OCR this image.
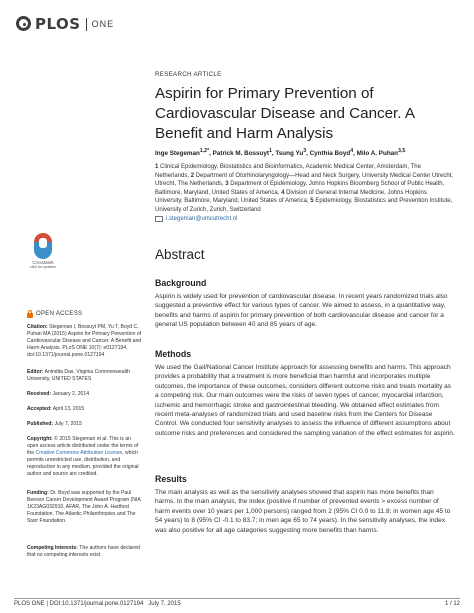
PLOS ONE
RESEARCH ARTICLE
Aspirin for Primary Prevention of Cardiovascular Disease and Cancer. A Benefit and Harm Analysis
Inge Stegeman$^{1,2*}$, Patrick M. Bossuyt$^1$, Tsung Yu$^3$, Cynthia Boyd$^4$, Milo A. Puhan$^{3,5}$
1 Clinical Epidemiology, Biostatistics and Bioinformatics, Academic Medical Center, Amsterdam, The Netherlands, 2 Department of Otorhinolaryngology—Head and Neck Surgery, University Medical Center Utrecht, Utrecht, The Netherlands, 3 Department of Epidemiology, Johns Hopkins Bloomberg School of Public Health, Baltimore, Maryland, United States of America, 4 Division of General Internal Medicine, Johns Hopkins University, Baltimore, Maryland, United States of America, 5 Epidemiology, Biostatistics and Prevention Institute, University of Zurich, Zurich, Switzerland
i.stegeman@umcutrecht.nl
Abstract
Background
Aspirin is widely used for prevention of cardiovascular disease. In recent years randomized trials also suggested a preventive effect for various types of cancer. We aimed to assess, in a quantitative way, benefits and harms of aspirin for primary prevention of both cardiovascular disease and cancer for a general US population between 40 and 85 years of age.
Methods
We used the Gail/National Cancer Institute approach for assessing benefits and harms. This approach provides a probability that a treatment is more beneficial than harmful and incorporates multiple outcomes, the importance of these outcomes, considers different outcome risks and treats mortality as a competing risk. Our main outcomes were the risks of seven types of cancer, myocardial infarction, ischemic and hemorrhagic stroke and gastrointestinal bleeding. We obtained effect estimates from recent meta-analyses of randomized trials and used baseline risks from the Centers for Disease Control. We conducted four sensitivity analyses to assess the influence of different assumptions about outcome risks and preferences and considered the sampling variation of the effect estimates for aspirin.
Results
The main analysis as well as the sensitivity analyses showed that aspirin has more benefits than harms. In the main analysis, the index (positive if number of prevented events > excess number of harm events over 10 years per 1,000 persons) ranged from 2 (95% CI 0.0 to 11.8; in women age 45 to 54 years) to 8 (95% CI -0.1 to 83.7; in men age 65 to 74 years). In the sensitivity analyses, the index was also positive for all age categories suggesting more benefits than harms.
CrossMark
click for updates
OPEN ACCESS
Citation: Stegeman I, Bossuyt PM, Yu T, Boyd C, Puhan MA (2015) Aspirin for Primary Prevention of Cardiovascular Disease and Cancer. A Benefit and Harm Analysis. PLoS ONE 10(7): e0127194. doi:10.1371/journal.pone.0127194
Editor: Anindita Das, Virginia Commonwealth University, UNITED STATES
Received: January 2, 2014
Accepted: April 13, 2015
Published: July 7, 2015
Copyright: © 2015 Stegeman et al. This is an open access article distributed under the terms of the Creative Commons Attribution License, which permits unrestricted use, distribution, and reproduction in any medium, provided the original author and source are credited.
Funding: Dr. Boyd was supported by the Paul Beeson Career Development Award Program (NIA 1K23AG032910, AFAR, The John A. Hartford Foundation, The Atlantic Philanthropies and The Starr Foundation.
Competing Interests: The authors have declared that no competing interests exist.
PLOS ONE | DOI:10.1371/journal.pone.0127194   July 7, 2015	1 / 12
